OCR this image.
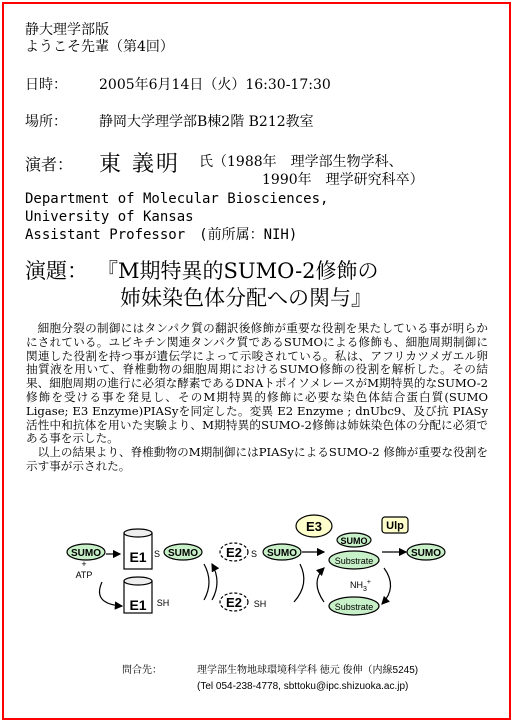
静大理学部版
ようこそ先輩（第4回）
日時： 2005年6月14日（火）16:30-17:30
場所： 静岡大学理学部B棟2階 B212教室
演者： 東 義明 氏（1988年　理学部生物学科、
1990年　理学研究科卒）
Department of Molecular Biosciences,
University of Kansas
Assistant Professor　(前所属：NIH)
演題： 『M期特異的SUMO-2修飾の
姉妹染色体分配への関与』

細胞分裂の制御にはタンパク質の翻訳後修飾が重要な役割を果たしている事が明らかにされている。ユビキチン関連タンパク質であるSUMOによる修飾も、細胞周期制御に関連した役割を持つ事が遺伝学によって示唆されている。私は、アフリカツメガエル卵抽質液を用いて、脊椎動物の細胞周期におけるSUMO修飾の役割を解析した。その結果、細胞周期の進行に必須な酵素であるDNAトポイソメレースがM期特異的なSUMO-2修飾を受ける事を発見し、そのM期特異的修飾に必要な染色体結合蛋白質(SUMO Ligase; E3 Enzyme)PIASyを同定した。変異 E2 Enzyme ; dnUbc9、及び抗 PIASy 活性中和抗体を用いた実験より、M期特異的SUMO-2修飾は姉妹染色体の分配に必須である事を示した。

以上の結果より、脊椎動物のM期制御にはPIASyによるSUMO-2 修飾が重要な役割を示す事が示された。

SUMO
+
ATP
E1 S SUMO
E1 SH
E2 S SUMO
E2 SH
E3
SUMO
Substrate
Ulp
SUMO
$NH_3^+$
Substrate
問合先：	理学部生物地球環境科学科 徳元 俊伸（内線5245)
(Tel 054-238-4778, sbttoku@ipc.shizuoka.ac.jp)
